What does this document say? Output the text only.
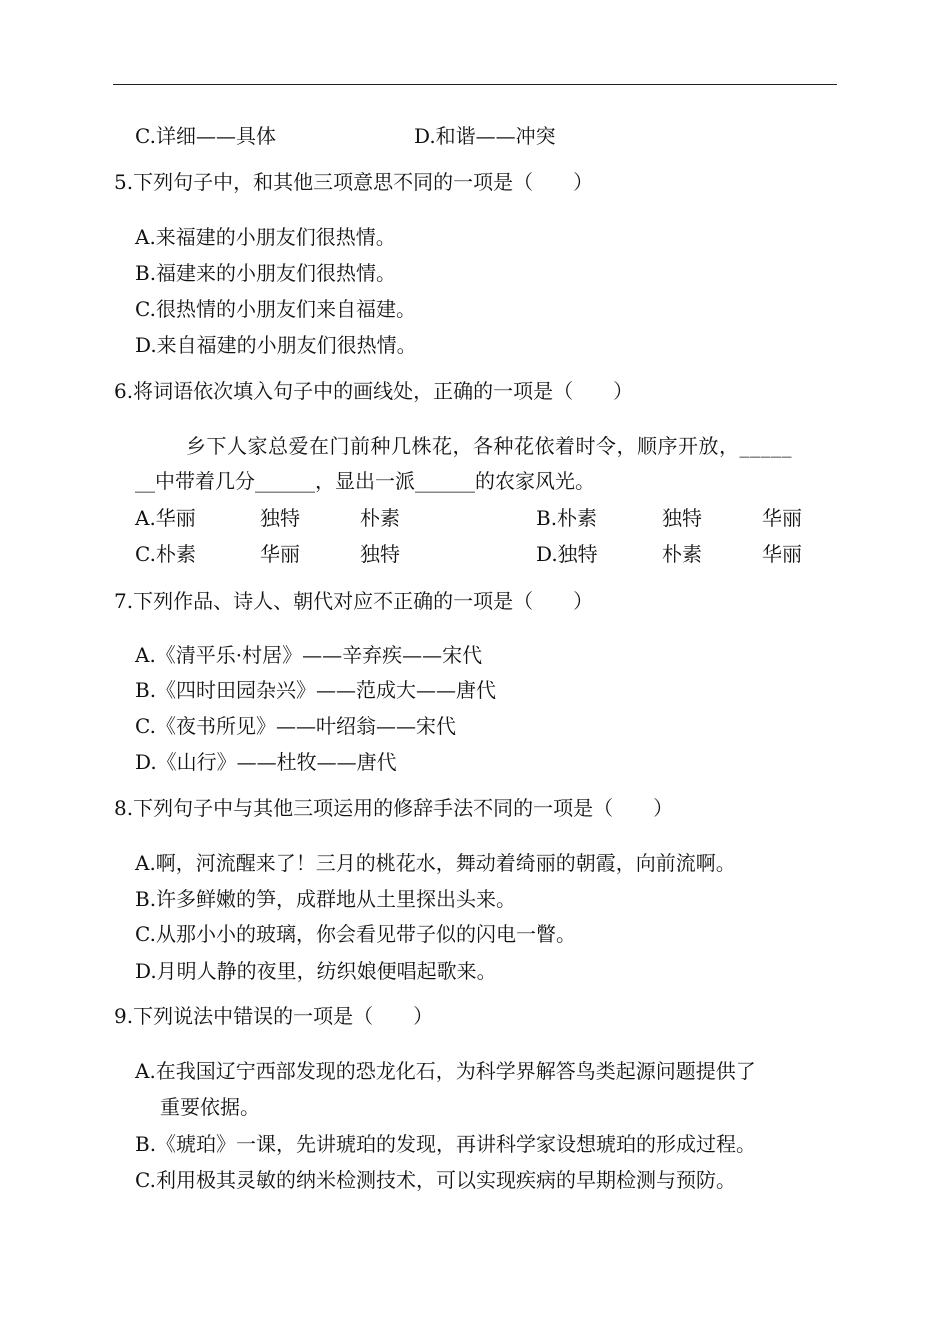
C.详细——具体	D.和谐——冲突
5.下列句子中，和其他三项意思不同的一项是（　　）
A.来福建的小朋友们很热情。
B.福建来的小朋友们很热情。
C.很热情的小朋友们来自福建。
D.来自福建的小朋友们很热情。
6.将词语依次填入句子中的画线处，正确的一项是（　　）
乡下人家总爱在门前种几株花，各种花依着时令，顺序开放，_____
__中带着几分______，显出一派______的农家风光。
A.华丽	独特	朴素	B.朴素	独特	华丽
C.朴素	华丽	独特	D.独特	朴素	华丽
7.下列作品、诗人、朝代对应不正确的一项是（　　）
A.《清平乐·村居》——辛弃疾——宋代
B.《四时田园杂兴》——范成大——唐代
C.《夜书所见》——叶绍翁——宋代
D.《山行》——杜牧——唐代
8.下列句子中与其他三项运用的修辞手法不同的一项是（　　）
A.啊，河流醒来了！三月的桃花水，舞动着绮丽的朝霞，向前流啊。
B.许多鲜嫩的笋，成群地从土里探出头来。
C.从那小小的玻璃，你会看见带子似的闪电一瞥。
D.月明人静的夜里，纺织娘便唱起歌来。
9.下列说法中错误的一项是（　　）
A.在我国辽宁西部发现的恐龙化石，为科学界解答鸟类起源问题提供了
重要依据。
B.《琥珀》一课，先讲琥珀的发现，再讲科学家设想琥珀的形成过程。
C.利用极其灵敏的纳米检测技术，可以实现疾病的早期检测与预防。
